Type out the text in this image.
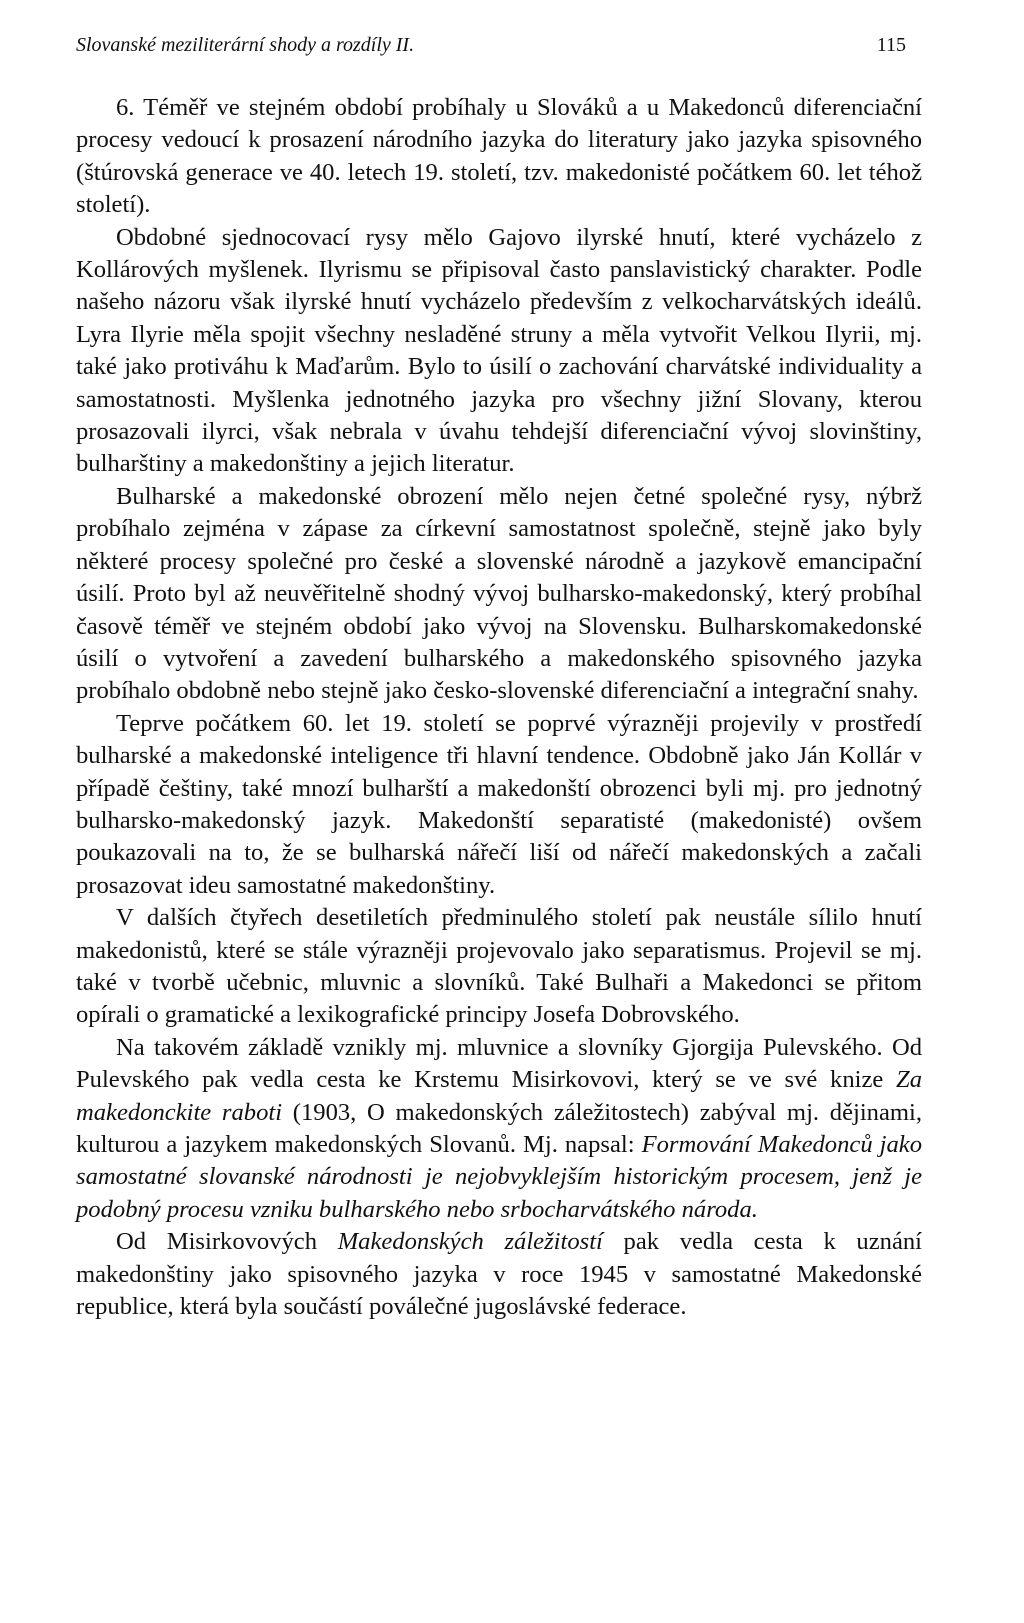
Slovanské meziliterární shody a rozdíly II.	115

6. Téměř ve stejném období probíhaly u Slováků a u Makedonců diferenciační procesy vedoucí k prosazení národního jazyka do literatury jako jazyka spisovného (štúrovská generace ve 40. letech 19. století, tzv. makedonisté počátkem 60. let téhož století).

Obdobné sjednocovací rysy mělo Gajovo ilyrské hnutí, které vycházelo z Kollárových myšlenek. Ilyrismu se připisoval často panslavistický charakter. Podle našeho názoru však ilyrské hnutí vycházelo především z velkocharvátských ideálů. Lyra Ilyrie měla spojit všechny nesladěné struny a měla vytvořit Velkou Ilyrii, mj. také jako protiváhu k Maďarům. Bylo to úsilí o zachování charvátské individuality a samostatnosti. Myšlenka jednotného jazyka pro všechny jižní Slovany, kterou prosazovali ilyrci, však nebrala v úvahu tehdejší diferenciační vývoj slovinštiny, bulharštiny a makedonštiny a jejich literatur.

Bulharské a makedonské obrození mělo nejen četné společné rysy, nýbrž probíhalo zejména v zápase za církevní samostatnost společně, stejně jako byly některé procesy společné pro české a slovenské národně a jazykově emancipační úsilí. Proto byl až neuvěřitelně shodný vývoj bulharsko-makedonský, který probíhal časově téměř ve stejném období jako vývoj na Slovensku. Bulharskomakedonské úsilí o vytvoření a zavedení bulharského a makedonského spisovného jazyka probíhalo obdobně nebo stejně jako česko-slovenské diferenciační a integrační snahy.

Teprve počátkem 60. let 19. století se poprvé výrazněji projevily v prostředí bulharské a makedonské inteligence tři hlavní tendence. Obdobně jako Ján Kollár v případě češtiny, také mnozí bulharští a makedonští obrozenci byli mj. pro jednotný bulharsko-makedonský jazyk. Makedonští separatisté (makedonisté) ovšem poukazovali na to, že se bulharská nářečí liší od nářečí makedonských a začali prosazovat ideu samostatné makedonštiny.

V dalších čtyřech desetiletích předminulého století pak neustále sílilo hnutí makedonistů, které se stále výrazněji projevovalo jako separatismus. Projevil se mj. také v tvorbě učebnic, mluvnic a slovníků. Také Bulhaři a Makedonci se přitom opírali o gramatické a lexikografické principy Josefa Dobrovského.

Na takovém základě vznikly mj. mluvnice a slovníky Gjorgija Pulevského. Od Pulevského pak vedla cesta ke Krstemu Misirkovovi, který se ve své knize Za makedonckite raboti (1903, O makedonských záležitostech) zabýval mj. dějinami, kulturou a jazykem makedonských Slovanů. Mj. napsal: Formování Makedonců jako samostatné slovanské národnosti je nejobvyklejším historickým procesem, jenž je podobný procesu vzniku bulharského nebo srbocharvátského národa.

Od Misirkovových Makedonských záležitostí pak vedla cesta k uznání makedonštiny jako spisovného jazyka v roce 1945 v samostatné Makedonské republice, která byla součástí poválečné jugoslávské federace.
